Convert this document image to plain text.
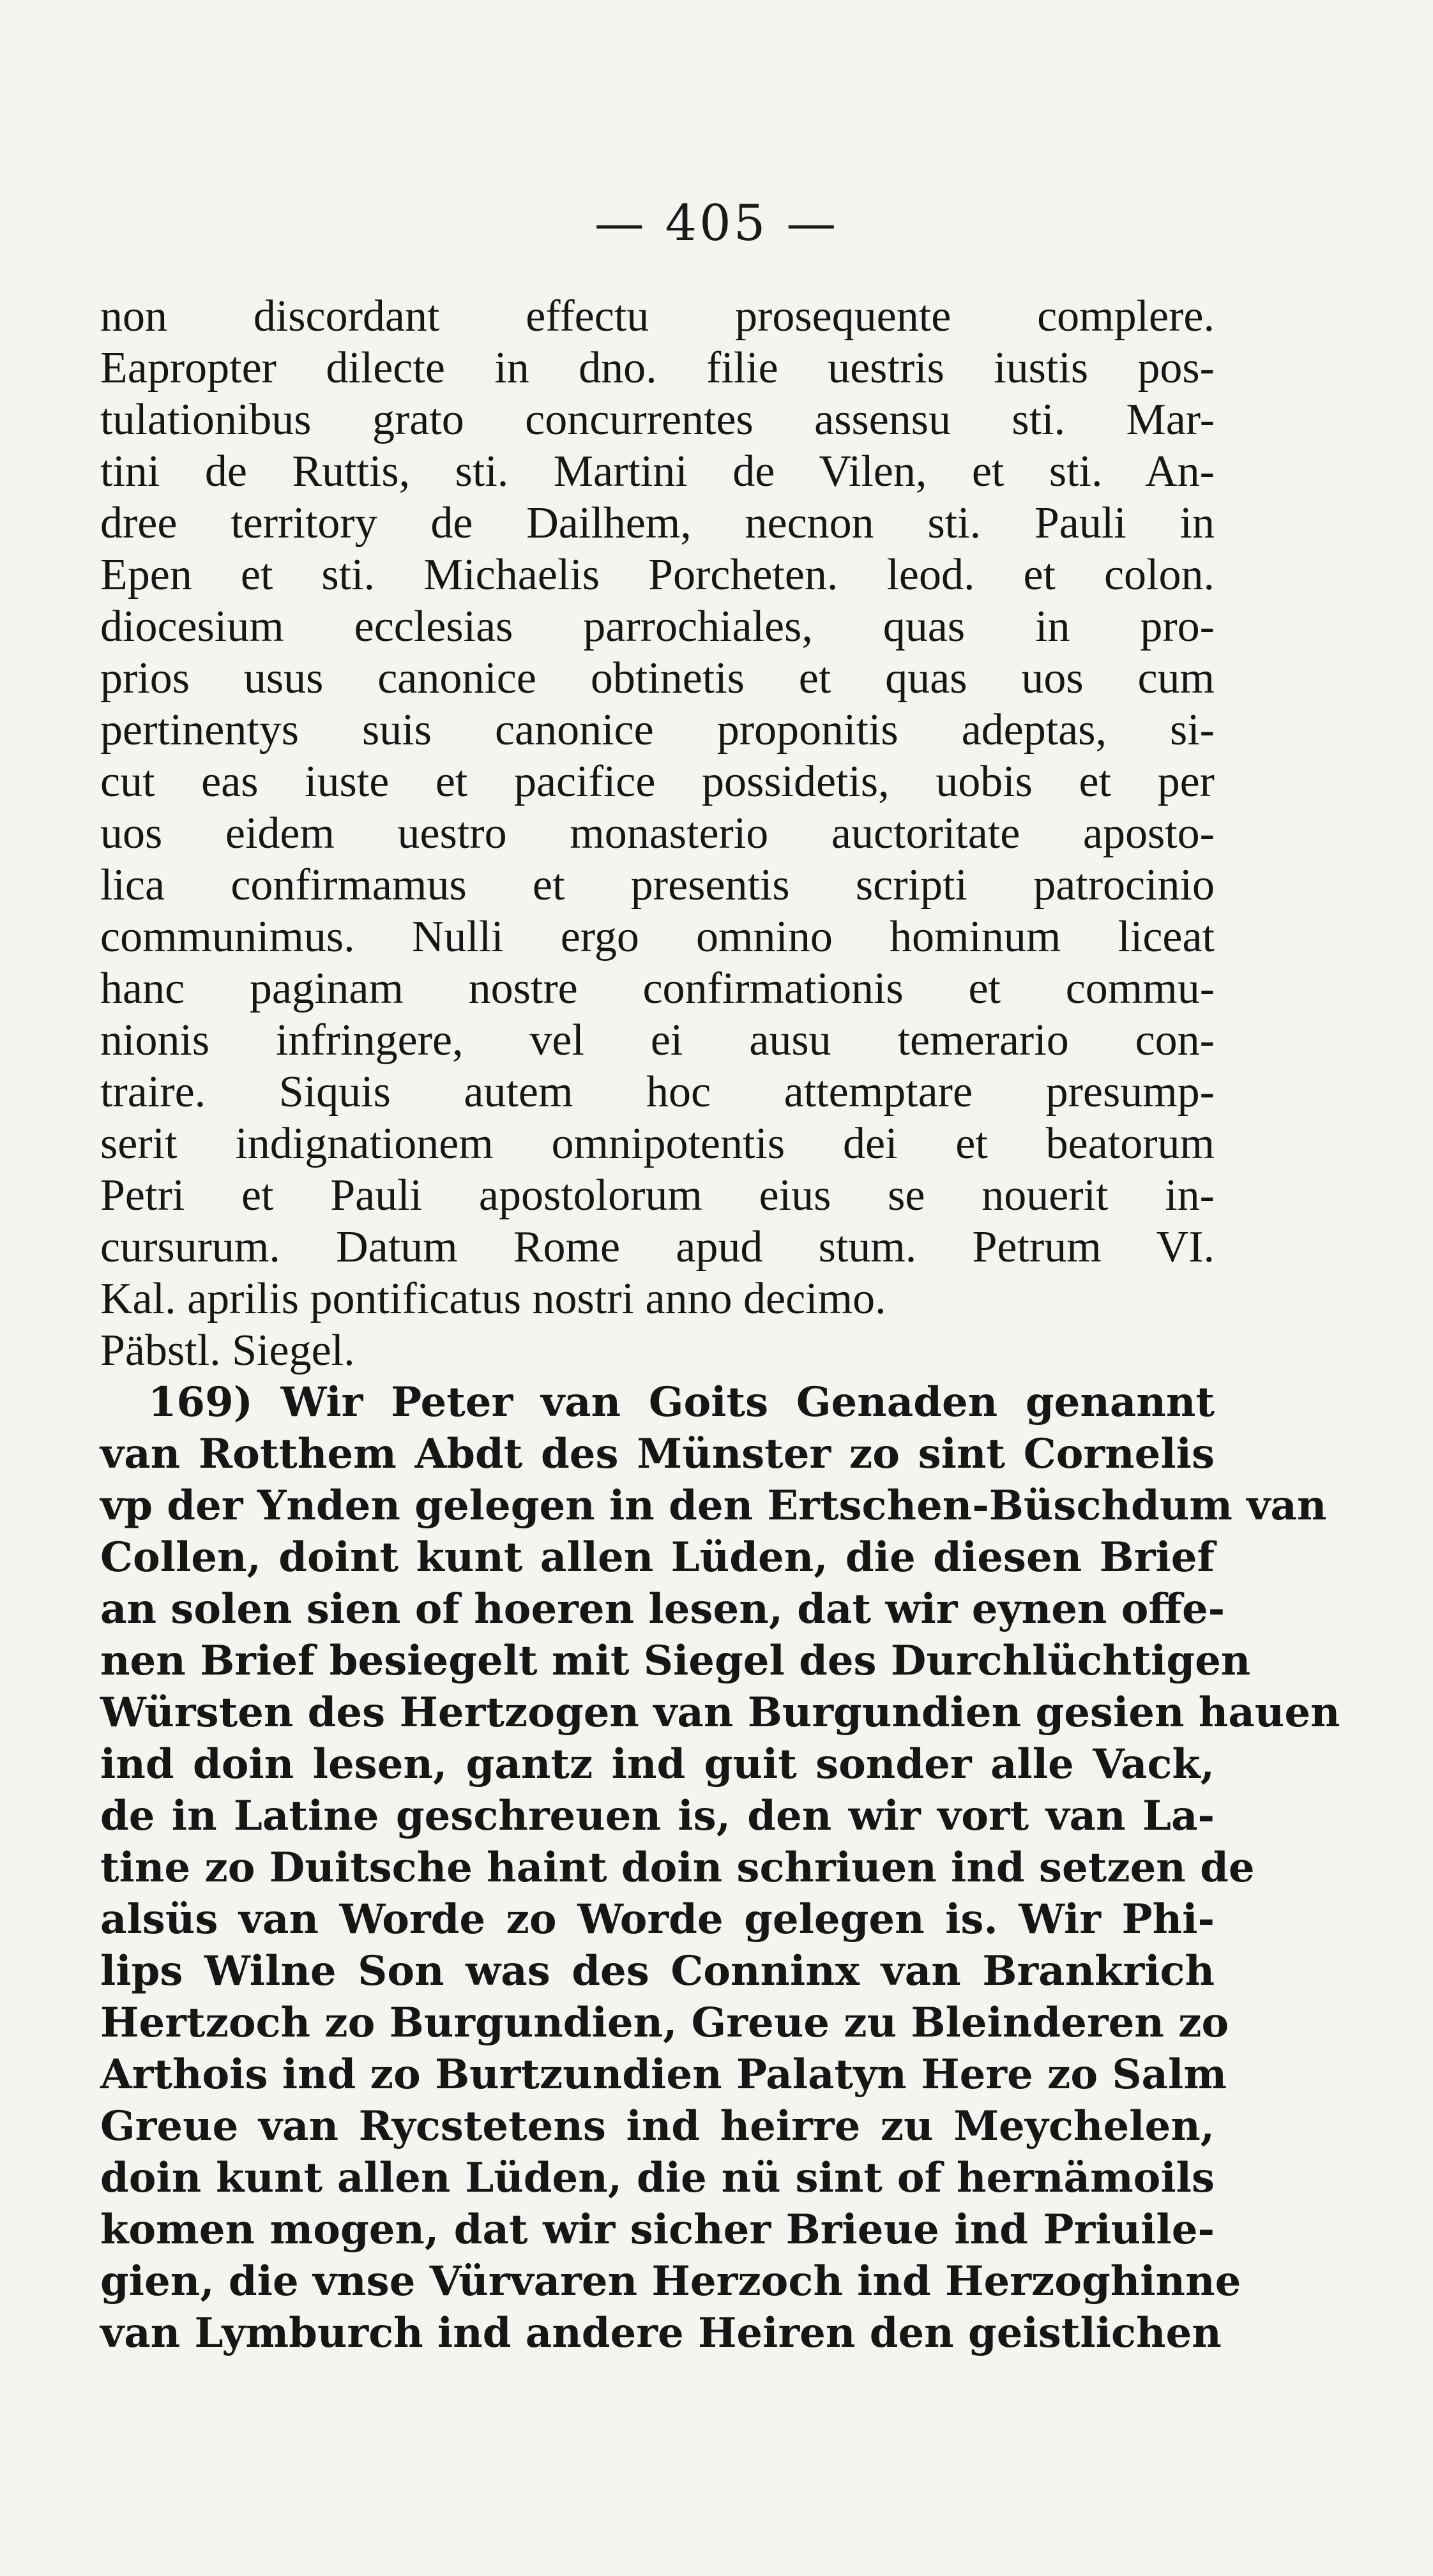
— 405 —
non discordant effectu prosequente complere.
Eapropter dilecte in dno. filie uestris iustis pos-
tulationibus grato concurrentes assensu sti. Mar-
tini de Ruttis, sti. Martini de Vilen, et sti. An-
dree territory de Dailhem, necnon sti. Pauli in
Epen et sti. Michaelis Porcheten. leod. et colon.
diocesium ecclesias parrochiales, quas in pro-
prios usus canonice obtinetis et quas uos cum
pertinentys suis canonice proponitis adeptas, si-
cut eas iuste et pacifice possidetis, uobis et per
uos eidem uestro monasterio auctoritate aposto-
lica confirmamus et presentis scripti patrocinio
communimus. Nulli ergo omnino hominum liceat
hanc paginam nostre confirmationis et commu-
nionis infringere, vel ei ausu temerario con-
traire. Siquis autem hoc attemptare presump-
serit indignationem omnipotentis dei et beatorum
Petri et Pauli apostolorum eius se nouerit in-
cursurum. Datum Rome apud stum. Petrum VI.
Kal. aprilis pontificatus nostri anno decimo.
Päbstl. Siegel.
169) Wir Peter van Goits Genaden genannt
van Rotthem Abdt des Münster zo sint Cornelis
vp der Ynden gelegen in den Ertschen-Büschdum van
Collen, doint kunt allen Lüden, die diesen Brief
an solen sien of hoeren lesen, dat wir eynen offe-
nen Brief besiegelt mit Siegel des Durchlüchtigen
Würsten des Hertzogen van Burgundien gesien hauen
ind doin lesen, gantz ind guit sonder alle Vack,
de in Latine geschreuen is, den wir vort van La-
tine zo Duitsche haint doin schriuen ind setzen de
alsüs van Worde zo Worde gelegen is. Wir Phi-
lips Wilne Son was des Conninx van Brankrich
Hertzoch zo Burgundien, Greue zu Bleinderen zo
Arthois ind zo Burtzundien Palatyn Here zo Salm
Greue van Rycstetens ind heirre zu Meychelen,
doin kunt allen Lüden, die nü sint of hernämoils
komen mogen, dat wir sicher Brieue ind Priuile-
gien, die vnse Vürvaren Herzoch ind Herzoghinne
van Lymburch ind andere Heiren den geistlichen
